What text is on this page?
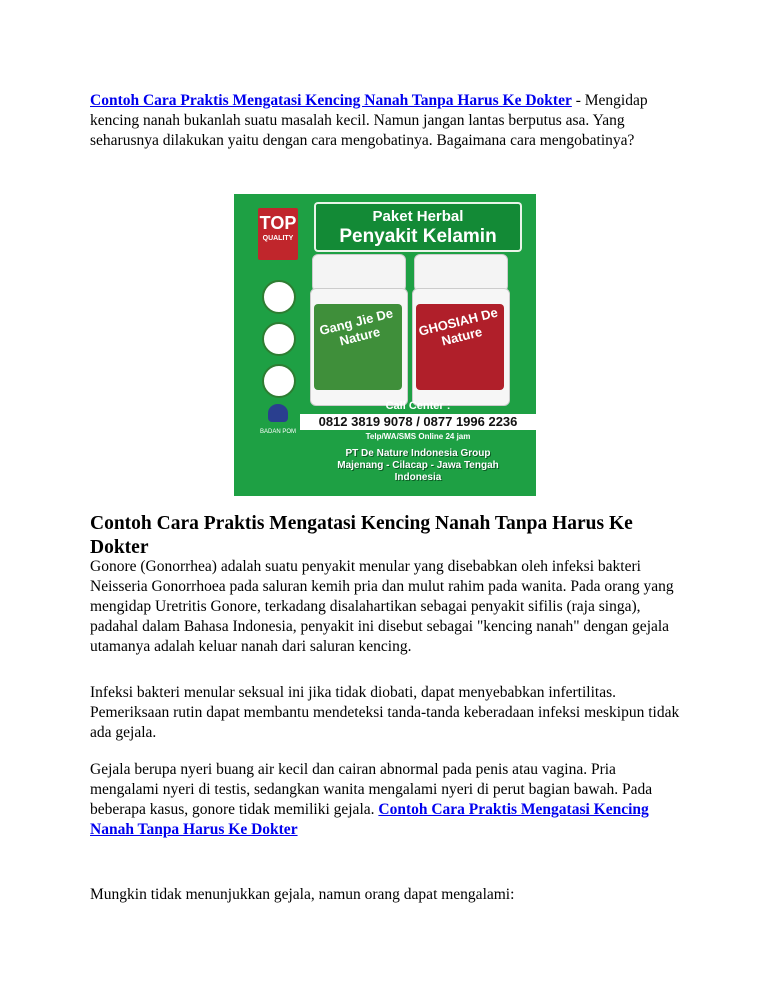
Contoh Cara Praktis Mengatasi Kencing Nanah Tanpa Harus Ke Dokter - Mengidap kencing nanah bukanlah suatu masalah kecil. Namun jangan lantas berputus asa. Yang seharusnya dilakukan yaitu dengan cara mengobatinya. Bagaimana cara mengobatinya?

Paket Herbal
Penyakit Kelamin
TOP
QUALITY
BADAN POM
Gang Jie De Nature	GHOSIAH De Nature
Call Center :
0812 3819 9078 / 0877 1996 2236
Telp/WA/SMS Online 24 jam
PT De Nature Indonesia Group
Majenang - Cilacap - Jawa Tengah
Indonesia
Contoh Cara Praktis Mengatasi Kencing Nanah Tanpa Harus Ke Dokter

Gonore (Gonorrhea) adalah suatu penyakit menular yang disebabkan oleh infeksi bakteri Neisseria Gonorrhoea pada saluran kemih pria dan mulut rahim pada wanita. Pada orang yang mengidap Uretritis Gonore, terkadang disalahartikan sebagai penyakit sifilis (raja singa), padahal dalam Bahasa Indonesia, penyakit ini disebut sebagai "kencing nanah" dengan gejala utamanya adalah keluar nanah dari saluran kencing.

Infeksi bakteri menular seksual ini jika tidak diobati, dapat menyebabkan infertilitas. Pemeriksaan rutin dapat membantu mendeteksi tanda-tanda keberadaan infeksi meskipun tidak ada gejala.

Gejala berupa nyeri buang air kecil dan cairan abnormal pada penis atau vagina. Pria mengalami nyeri di testis, sedangkan wanita mengalami nyeri di perut bagian bawah. Pada beberapa kasus, gonore tidak memiliki gejala. Contoh Cara Praktis Mengatasi Kencing Nanah Tanpa Harus Ke Dokter

Mungkin tidak menunjukkan gejala, namun orang dapat mengalami:
